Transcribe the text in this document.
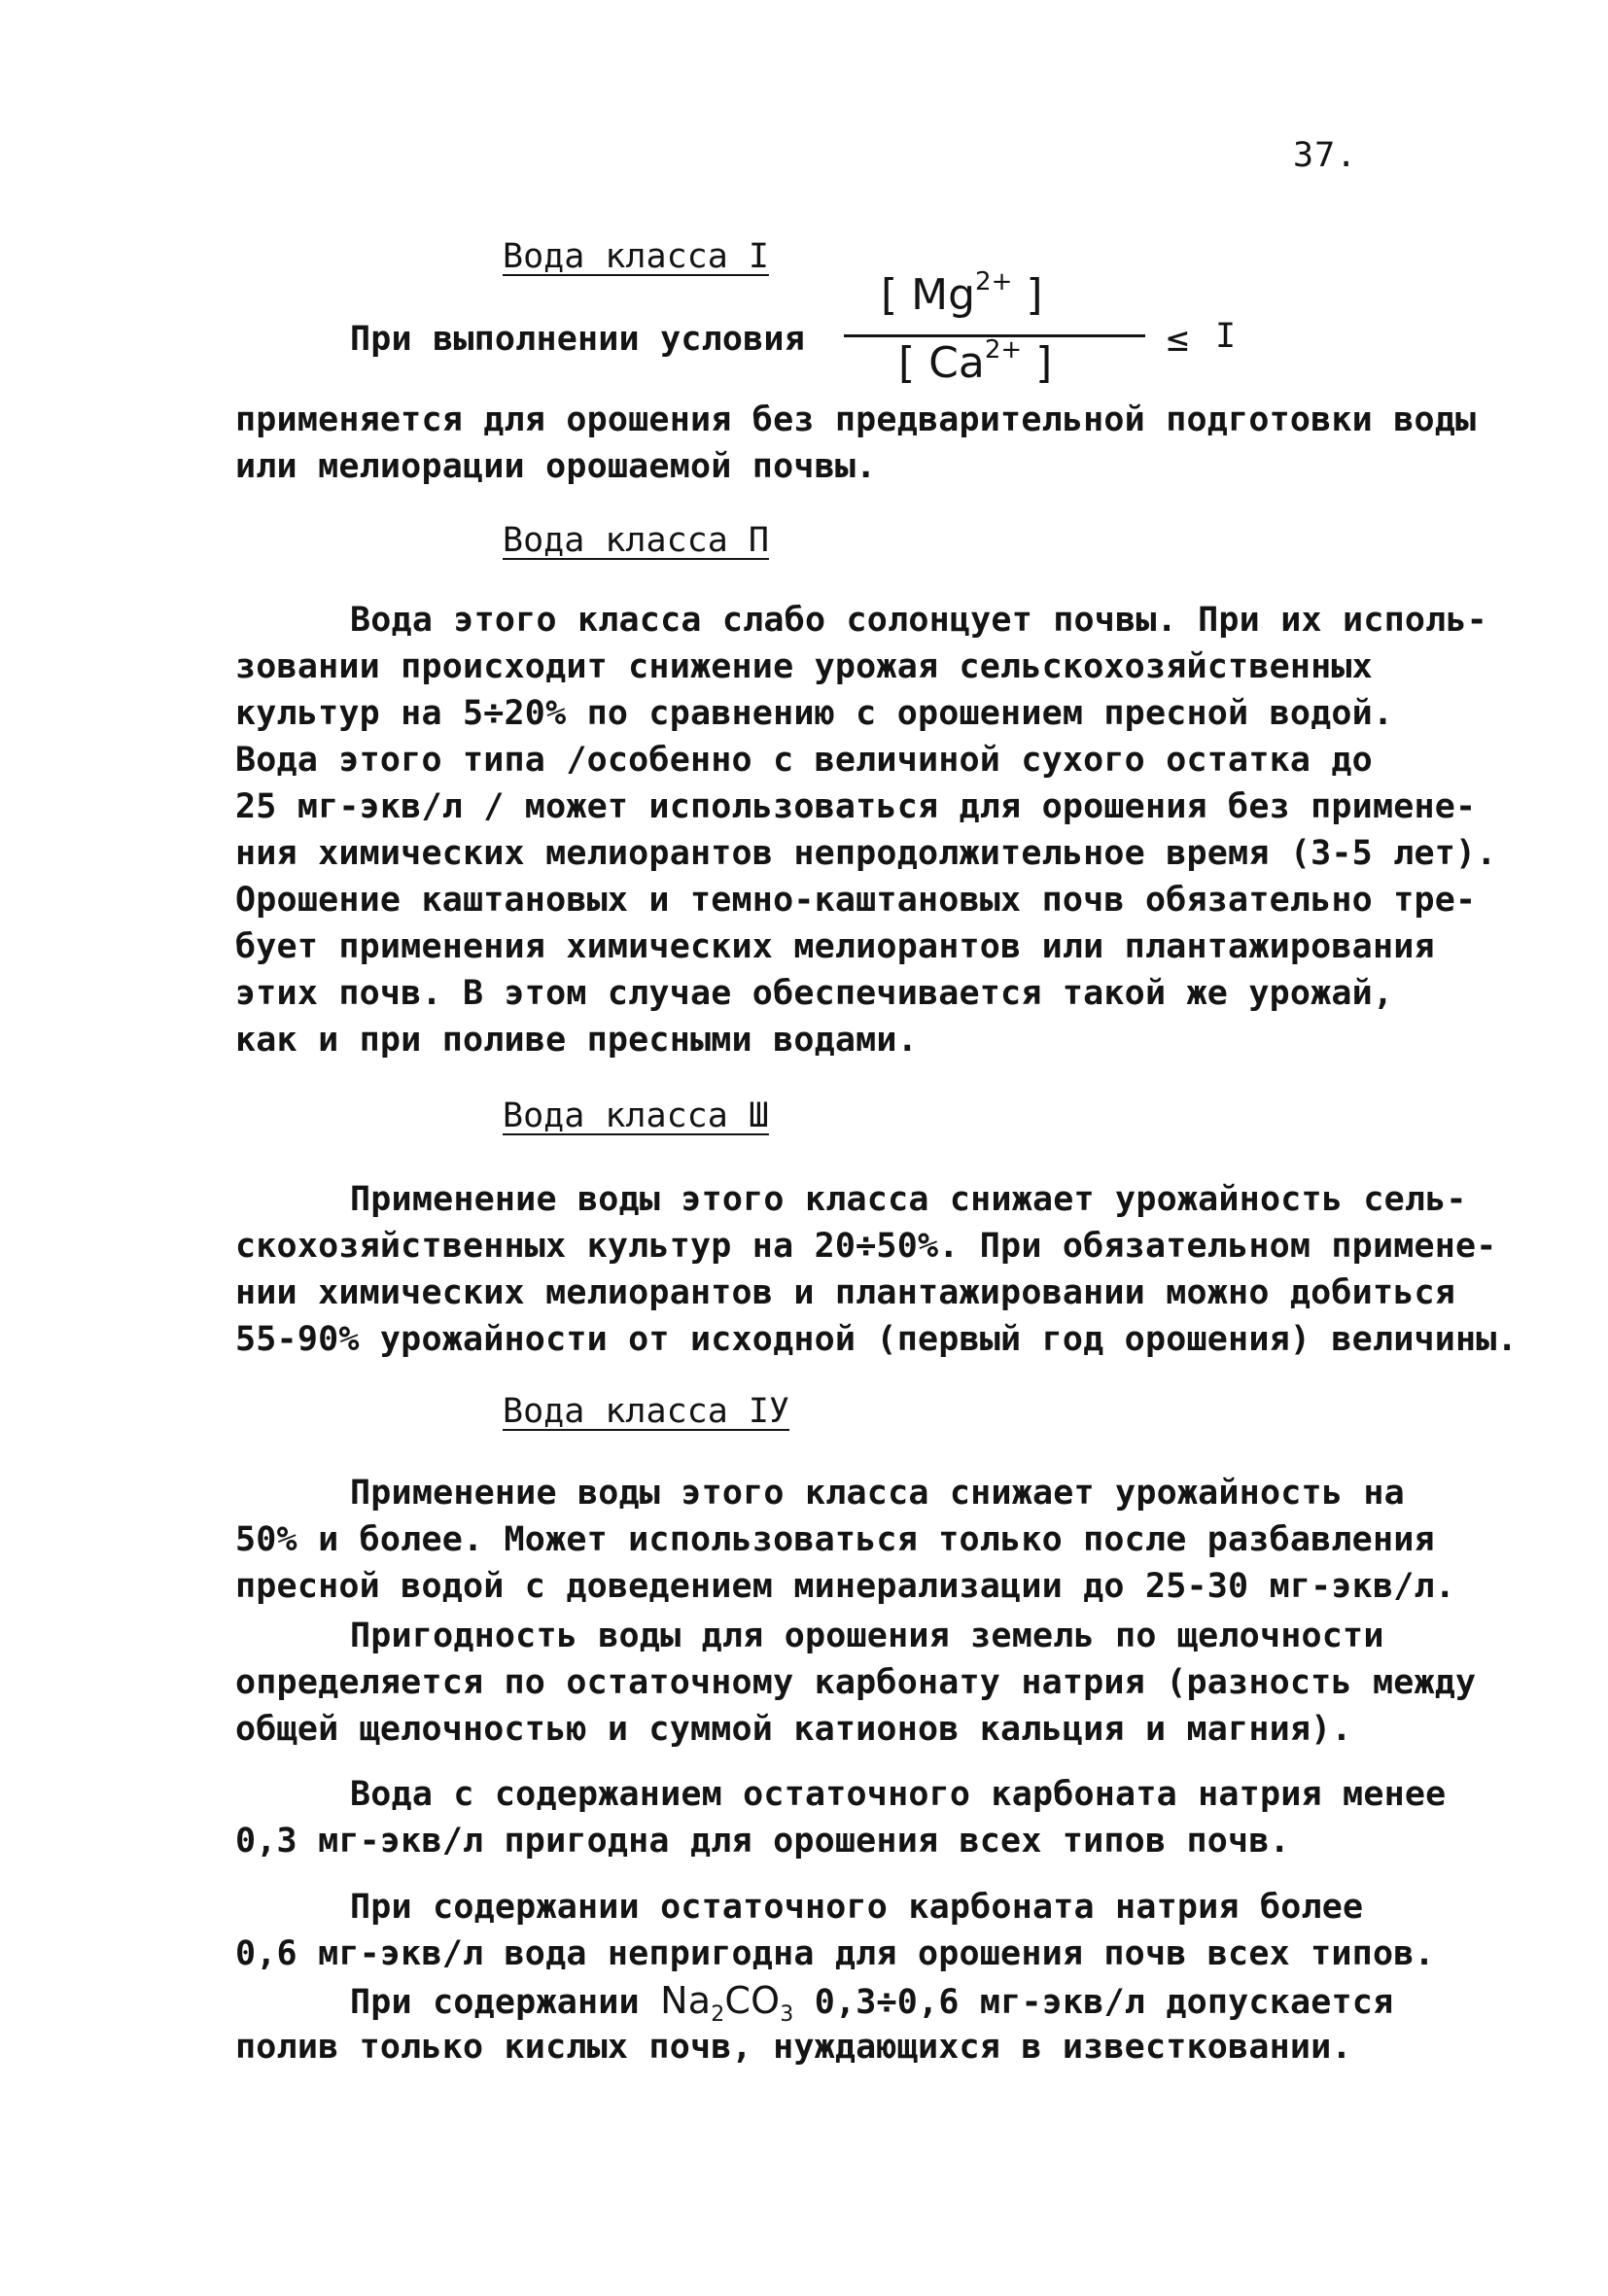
37.
Вода класса I
При выполнении условия
[ $Mg^{2+}$ ]
[ $Ca^{2+}$ ]	≤ I
применяется для орошения без предварительной подготовки воды
или мелиорации орошаемой почвы.
Вода класса П
Вода этого класса слабо солонцует почвы. При их исполь-
зовании происходит снижение урожая сельскохозяйственных
культур на 5÷20% по сравнению с орошением пресной водой.
Вода этого типа /особенно с величиной сухого остатка до
25 мг-экв/л / может использоваться для орошения без примене-
ния химических мелиорантов непродолжительное время (3-5 лет).
Орошение каштановых и темно-каштановых почв обязательно тре-
бует применения химических мелиорантов или плантажирования
этих почв. В этом случае обеспечивается такой же урожай,
как и при поливе пресными водами.
Вода класса Ш
Применение воды этого класса снижает урожайность сель-
скохозяйственных культур на 20÷50%. При обязательном примене-
нии химических мелиорантов и плантажировании можно добиться
55-90% урожайности от исходной (первый год орошения) величины.
Вода класса IУ
Применение воды этого класса снижает урожайность на
50% и более. Может использоваться только после разбавления
пресной водой с доведением минерализации до 25-30 мг-экв/л.
Пригодность воды для орошения земель по щелочности
определяется по остаточному карбонату натрия (разность между
общей щелочностью и суммой катионов кальция и магния).
Вода с содержанием остаточного карбоната натрия менее
0,3 мг-экв/л пригодна для орошения всех типов почв.
При содержании остаточного карбоната натрия более
0,6 мг-экв/л вода непригодна для орошения почв всех типов.
При содержании $Na_2CO_3$ 0,3÷0,6 мг-экв/л допускается
полив только кислых почв, нуждающихся в известковании.
